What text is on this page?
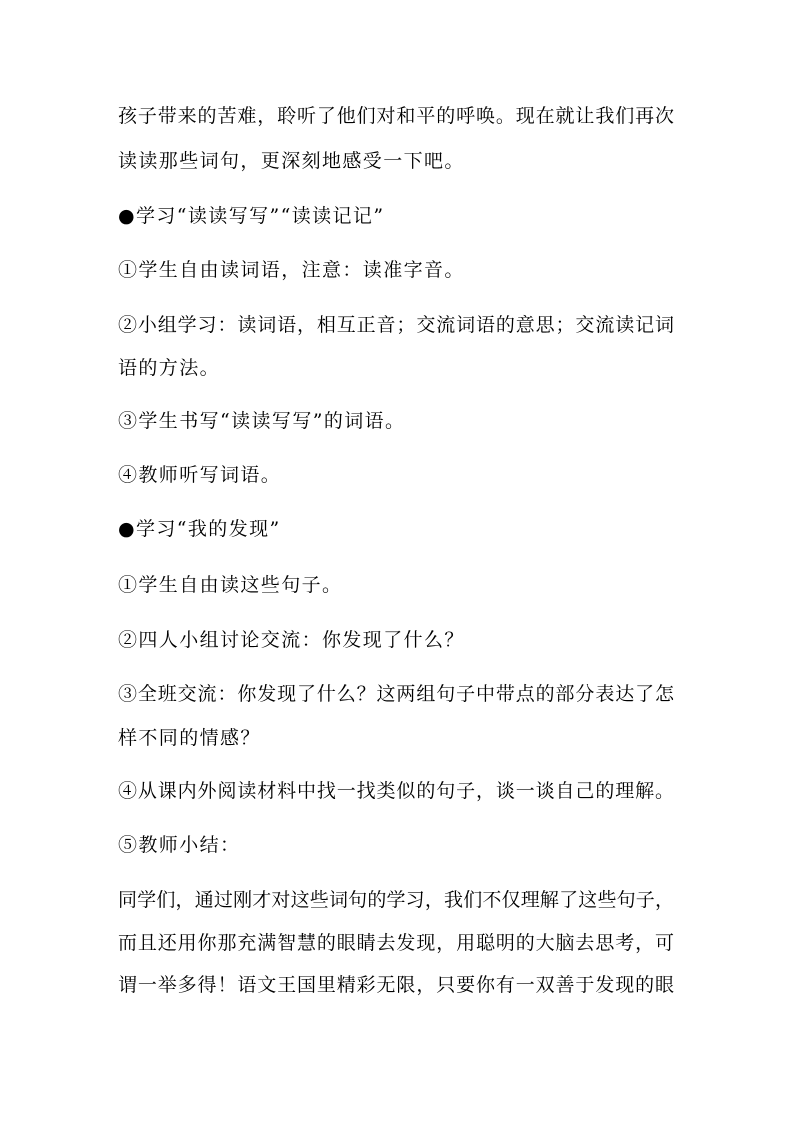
孩子带来的苦难，聆听了他们对和平的呼唤。现在就让我们再次

读读那些词句，更深刻地感受一下吧。

●学习“读读写写”“读读记记”

①学生自由读词语，注意：读准字音。

②小组学习：读词语，相互正音；交流词语的意思；交流读记词

语的方法。

③学生书写“读读写写”的词语。

④教师听写词语。

●学习“我的发现”

①学生自由读这些句子。

②四人小组讨论交流：你发现了什么？

③全班交流：你发现了什么？这两组句子中带点的部分表达了怎

样不同的情感？

④从课内外阅读材料中找一找类似的句子，谈一谈自己的理解。

⑤教师小结：

同学们，通过刚才对这些词句的学习，我们不仅理解了这些句子，

而且还用你那充满智慧的眼睛去发现，用聪明的大脑去思考，可

谓一举多得！语文王国里精彩无限，只要你有一双善于发现的眼
